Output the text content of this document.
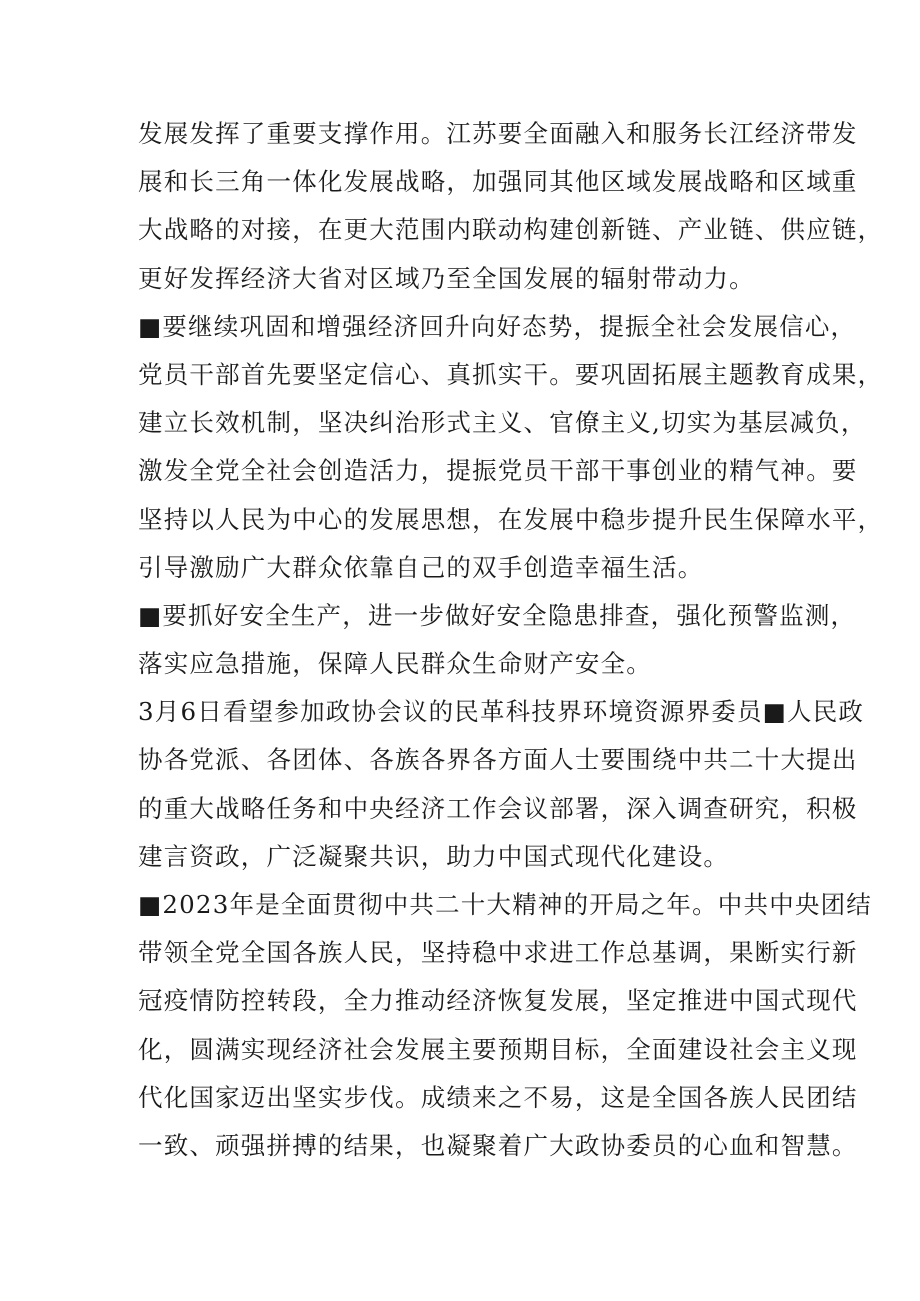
发展发挥了重要支撑作用。江苏要全面融入和服务长江经济带发
展和长三角一体化发展战略，加强同其他区域发展战略和区域重
大战略的对接，在更大范围内联动构建创新链、产业链、供应链，
更好发挥经济大省对区域乃至全国发展的辐射带动力。
■要继续巩固和增强经济回升向好态势，提振全社会发展信心，
党员干部首先要坚定信心、真抓实干。要巩固拓展主题教育成果，
建立长效机制，坚决纠治形式主义、官僚主义,切实为基层减负，
激发全党全社会创造活力，提振党员干部干事创业的精气神。要
坚持以人民为中心的发展思想，在发展中稳步提升民生保障水平，
引导激励广大群众依靠自己的双手创造幸福生活。
■要抓好安全生产，进一步做好安全隐患排查，强化预警监测，
落实应急措施，保障人民群众生命财产安全。
3月6日看望参加政协会议的民革科技界环境资源界委员■人民政
协各党派、各团体、各族各界各方面人士要围绕中共二十大提出
的重大战略任务和中央经济工作会议部署，深入调查研究，积极
建言资政，广泛凝聚共识，助力中国式现代化建设。
■2023年是全面贯彻中共二十大精神的开局之年。中共中央团结
带领全党全国各族人民，坚持稳中求进工作总基调，果断实行新
冠疫情防控转段，全力推动经济恢复发展，坚定推进中国式现代
化，圆满实现经济社会发展主要预期目标，全面建设社会主义现
代化国家迈出坚实步伐。成绩来之不易，这是全国各族人民团结
一致、顽强拼搏的结果，也凝聚着广大政协委员的心血和智慧。
